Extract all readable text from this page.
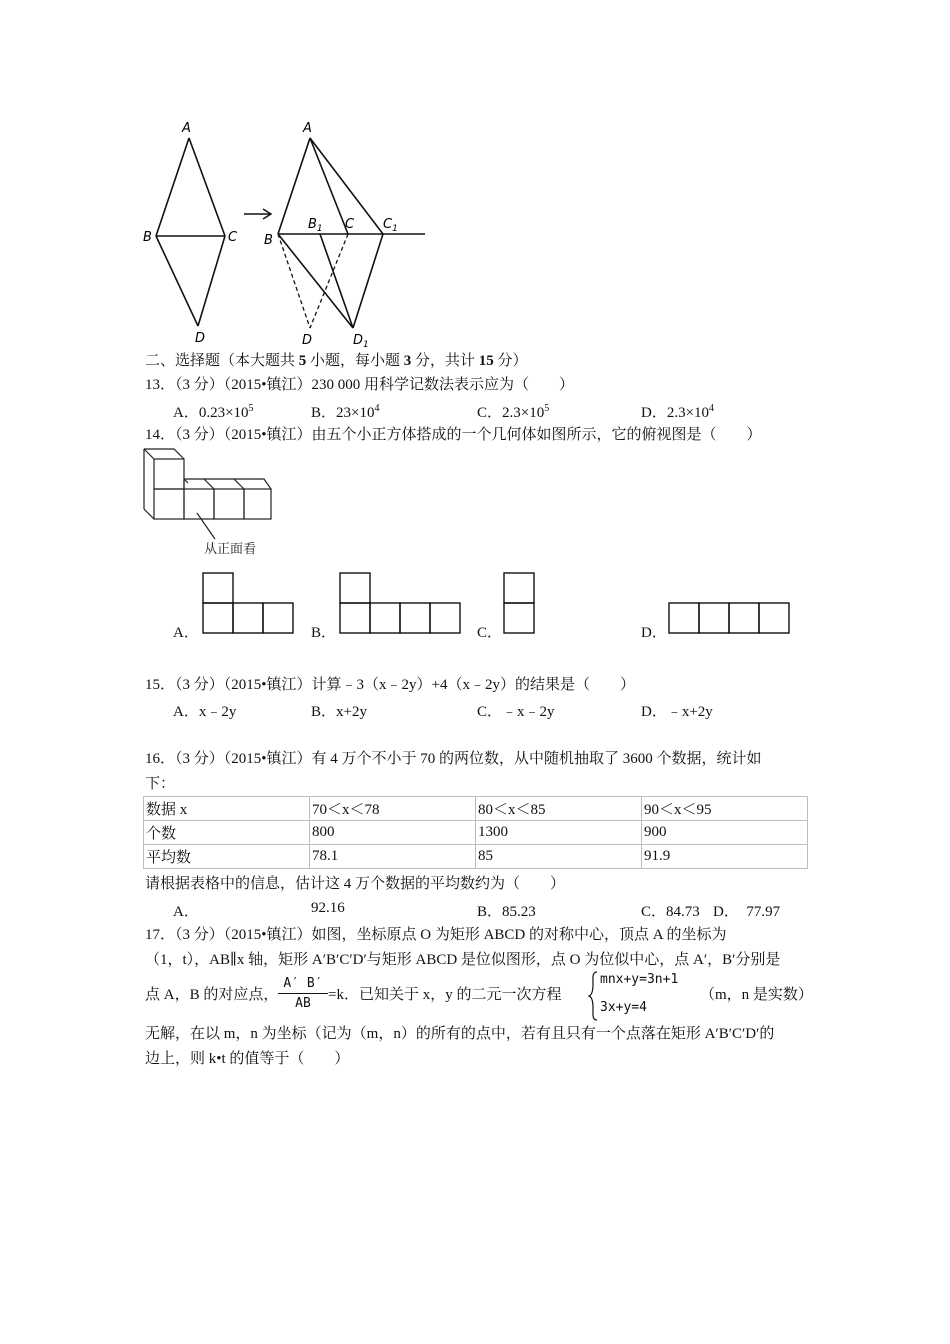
A
B	C
D
A
B
$B_1$ C $C_1$
D	$D_1$
二、选择题（本大题共 5 小题，每小题 3 分，共计 15 分）
13．（3 分）（2015•镇江）230 000 用科学记数法表示应为（　　）
A．$0.23\times 10^5$	B．$23\times 10^4$	C．$2.3\times 10^5$	D．$2.3\times 10^4$
14．（3 分）（2015•镇江）由五个小正方体搭成的一个几何体如图所示，它的俯视图是（　　）
从正面看
A．	B．	C．	D．
15．（3 分）（2015•镇江）计算﹣3（x﹣2y）+4（x﹣2y）的结果是（　　）
A．x﹣2y	B．x+2y	C．﹣x﹣2y	D．﹣x+2y
16．（3 分）（2015•镇江）有 4 万个不小于 70 的两位数，从中随机抽取了 3600 个数据，统计如
下：
数据 x	70＜x＜78	80＜x＜85	90＜x＜95
个数	800	1300	900
平均数	78.1	85	91.9
请根据表格中的信息，估计这 4 万个数据的平均数约为（　　）
A．	92.16	B．85.23	C．84.73 D．　77.97
17．（3 分）（2015•镇江）如图，坐标原点 O 为矩形 ABCD 的对称中心，顶点 A 的坐标为
（1，t），AB∥x 轴，矩形 A′B′C′D′与矩形 ABCD 是位似图形，点 O 为位似中心，点 A′，B′分别是
点 A，B 的对应点， $\frac{A' B'}{AB} =k$．已知关于 x，y 的二元一次方程
mnx+y=3n+1
3x+y=4
（m，n 是实数）
无解，在以 m，n 为坐标（记为（m，n）的所有的点中，若有且只有一个点落在矩形 A′B′C′D′的
边上，则 k•t 的值等于（　　）
